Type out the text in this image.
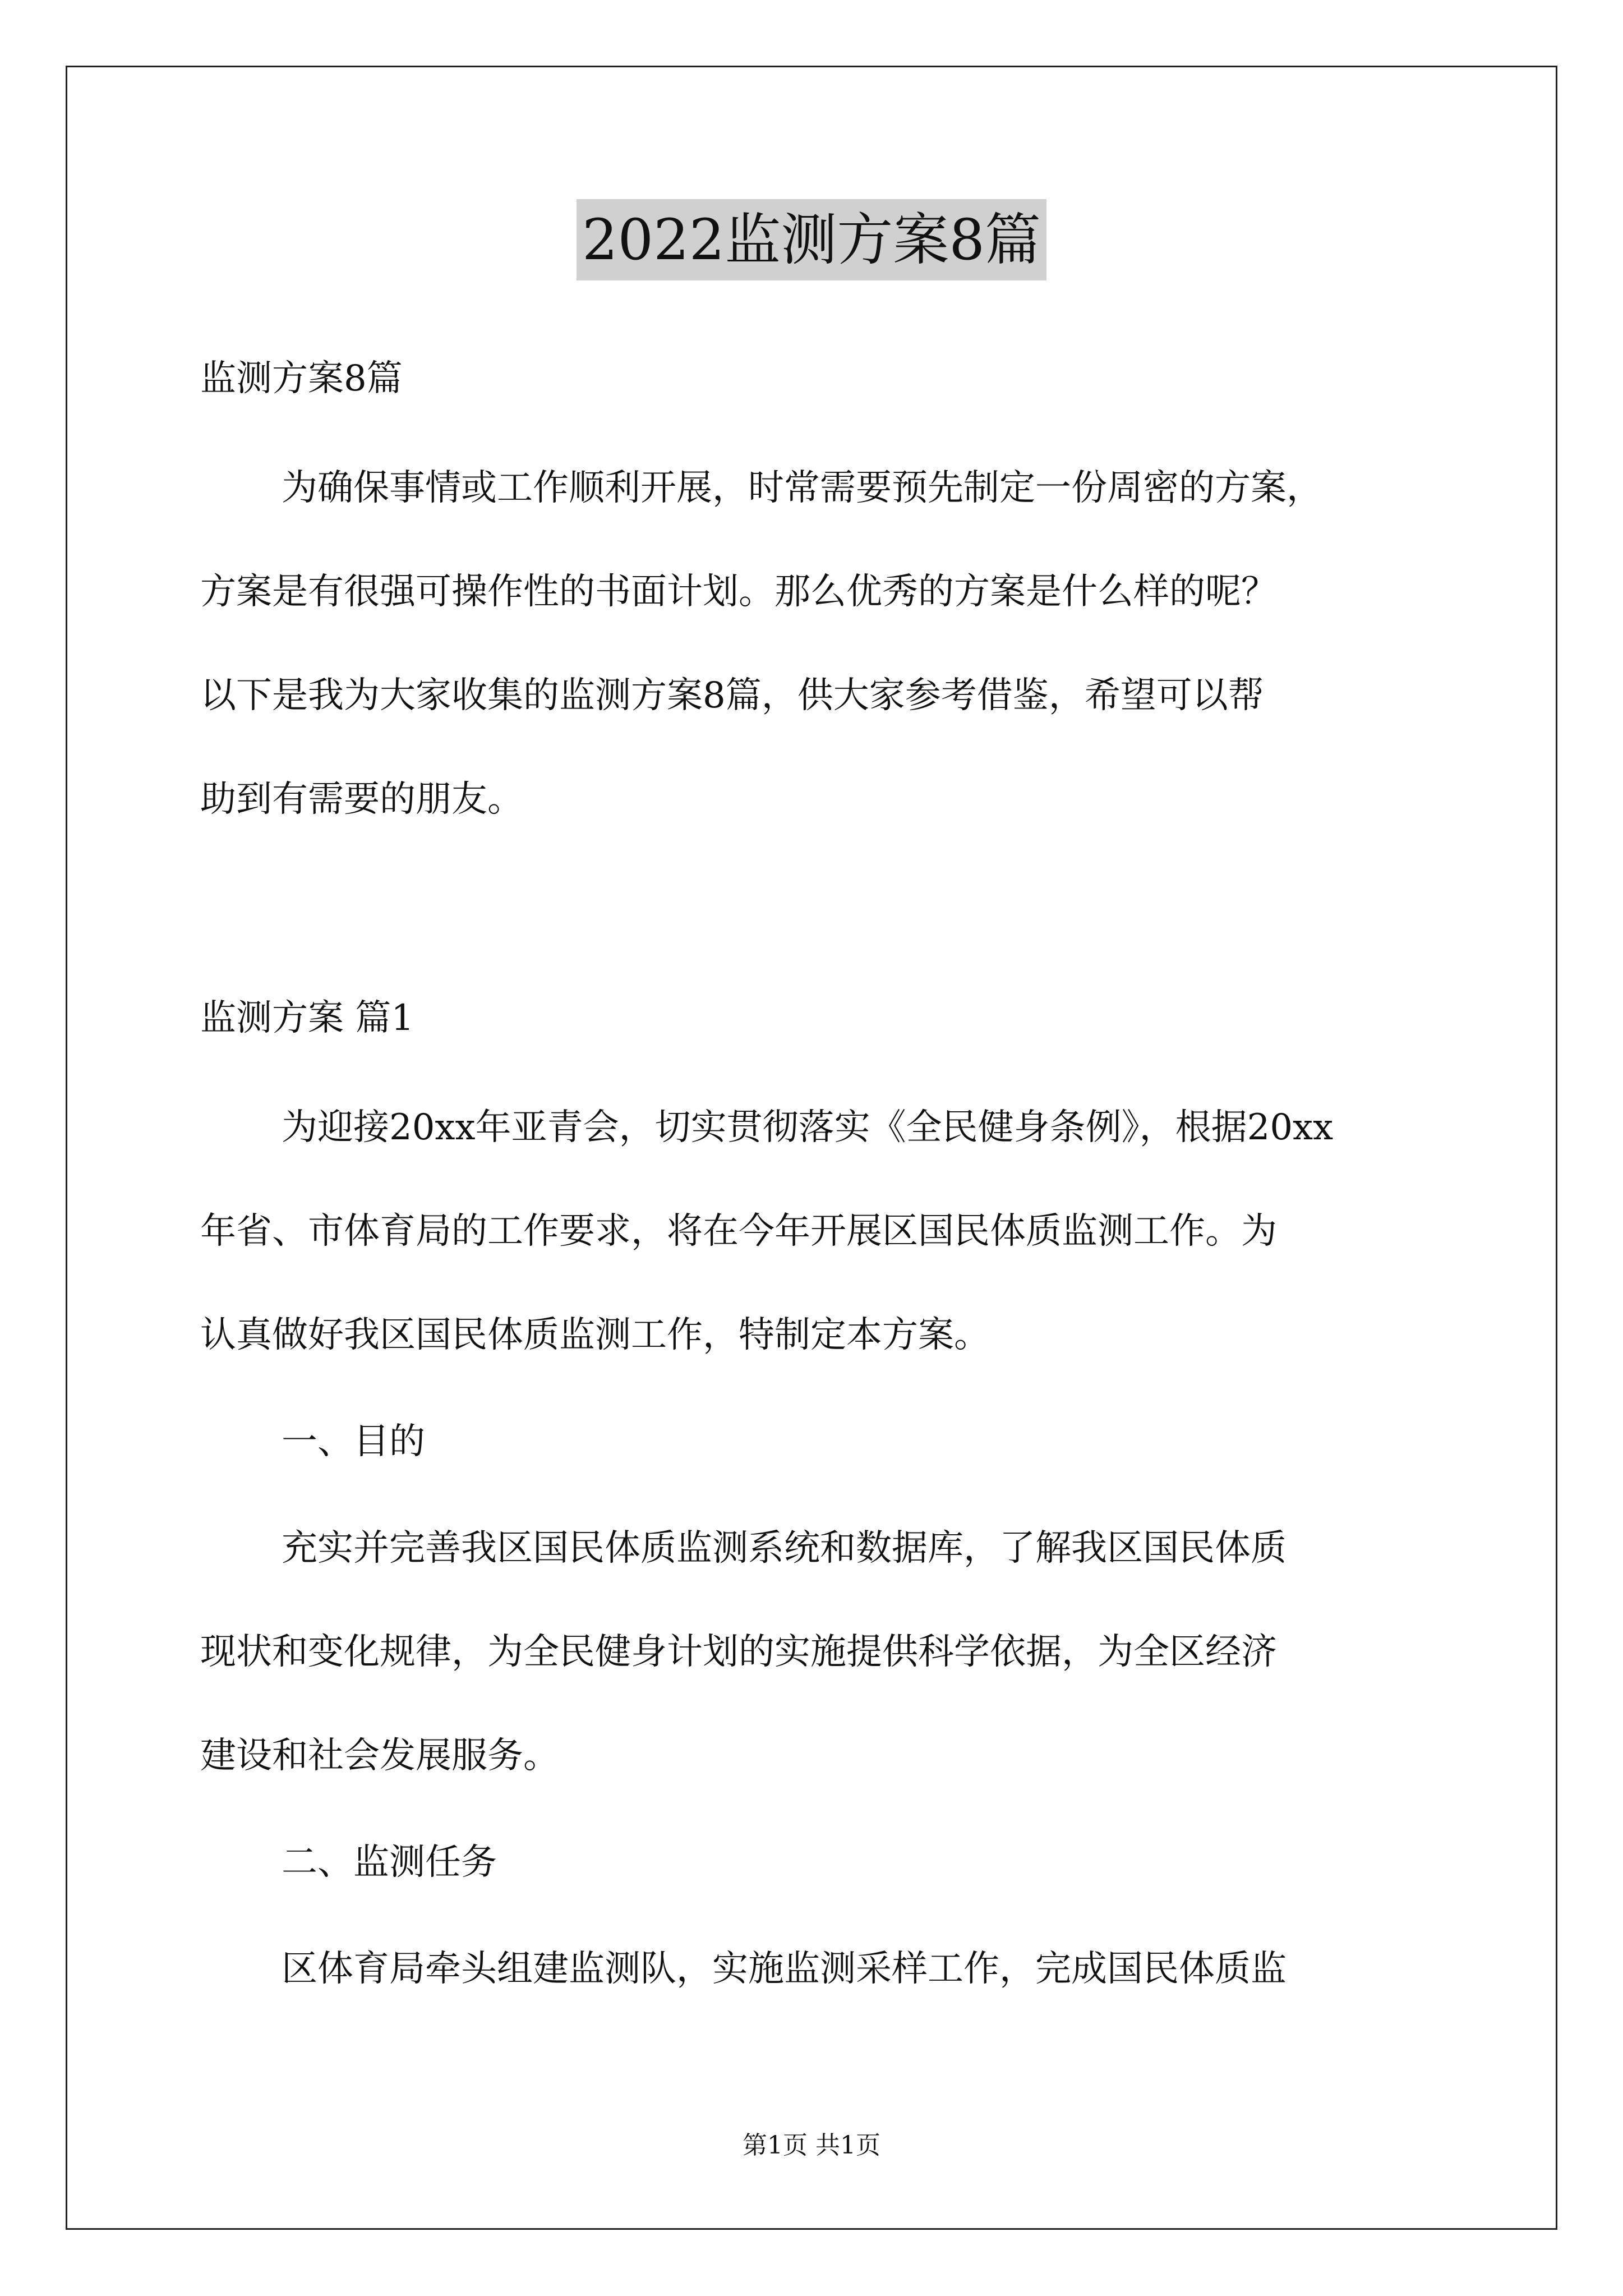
2022监测方案8篇
监测方案8篇
为确保事情或工作顺利开展，时常需要预先制定一份周密的方案，
方案是有很强可操作性的书面计划。那么优秀的方案是什么样的呢？
以下是我为大家收集的监测方案8篇，供大家参考借鉴，希望可以帮
助到有需要的朋友。
监测方案 篇1
为迎接20xx年亚青会，切实贯彻落实《全民健身条例》，根据20xx
年省、市体育局的工作要求，将在今年开展区国民体质监测工作。为
认真做好我区国民体质监测工作，特制定本方案。
一、目的
充实并完善我区国民体质监测系统和数据库，了解我区国民体质
现状和变化规律，为全民健身计划的实施提供科学依据，为全区经济
建设和社会发展服务。
二、监测任务
区体育局牵头组建监测队，实施监测采样工作，完成国民体质监
第1页 共1页
